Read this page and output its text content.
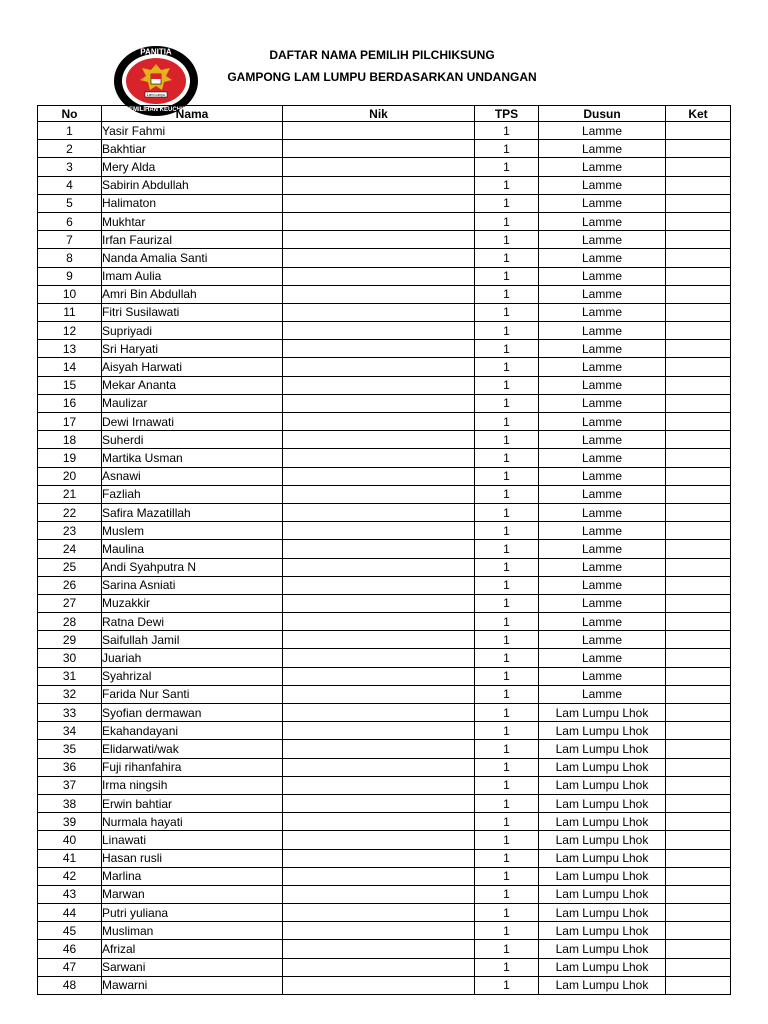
PANITIA
PEMILIHAN KEUCHIK
Lam Lumpu
DAFTAR NAMA PEMILIH PILCHIKSUNG
GAMPONG LAM LUMPU BERDASARKAN UNDANGAN
No	Nama	Nik	TPS	Dusun	Ket
1	Yasir Fahmi		1	Lamme	
2	Bakhtiar		1	Lamme	
3	Mery Alda		1	Lamme	
4	Sabirin Abdullah		1	Lamme	
5	Halimaton		1	Lamme	
6	Mukhtar		1	Lamme	
7	Irfan Faurizal		1	Lamme	
8	Nanda Amalia Santi		1	Lamme	
9	Imam Aulia		1	Lamme	
10	Amri Bin Abdullah		1	Lamme	
11	Fitri Susilawati		1	Lamme	
12	Supriyadi		1	Lamme	
13	Sri Haryati		1	Lamme	
14	Aisyah Harwati		1	Lamme	
15	Mekar Ananta		1	Lamme	
16	Maulizar		1	Lamme	
17	Dewi Irnawati		1	Lamme	
18	Suherdi		1	Lamme	
19	Martika Usman		1	Lamme	
20	Asnawi		1	Lamme	
21	Fazliah		1	Lamme	
22	Safira Mazatillah		1	Lamme	
23	Muslem		1	Lamme	
24	Maulina		1	Lamme	
25	Andi Syahputra N		1	Lamme	
26	Sarina Asniati		1	Lamme	
27	Muzakkir		1	Lamme	
28	Ratna Dewi		1	Lamme	
29	Saifullah Jamil		1	Lamme	
30	Juariah		1	Lamme	
31	Syahrizal		1	Lamme	
32	Farida Nur Santi		1	Lamme	
33	Syofian dermawan		1	Lam Lumpu Lhok	
34	Ekahandayani		1	Lam Lumpu Lhok	
35	Elidarwati/wak		1	Lam Lumpu Lhok	
36	Fuji rihanfahira		1	Lam Lumpu Lhok	
37	Irma ningsih		1	Lam Lumpu Lhok	
38	Erwin bahtiar		1	Lam Lumpu Lhok	
39	Nurmala hayati		1	Lam Lumpu Lhok	
40	Linawati		1	Lam Lumpu Lhok	
41	Hasan rusli		1	Lam Lumpu Lhok	
42	Marlina		1	Lam Lumpu Lhok	
43	Marwan		1	Lam Lumpu Lhok	
44	Putri yuliana		1	Lam Lumpu Lhok	
45	Musliman		1	Lam Lumpu Lhok	
46	Afrizal		1	Lam Lumpu Lhok	
47	Sarwani		1	Lam Lumpu Lhok	
48	Mawarni		1	Lam Lumpu Lhok	
